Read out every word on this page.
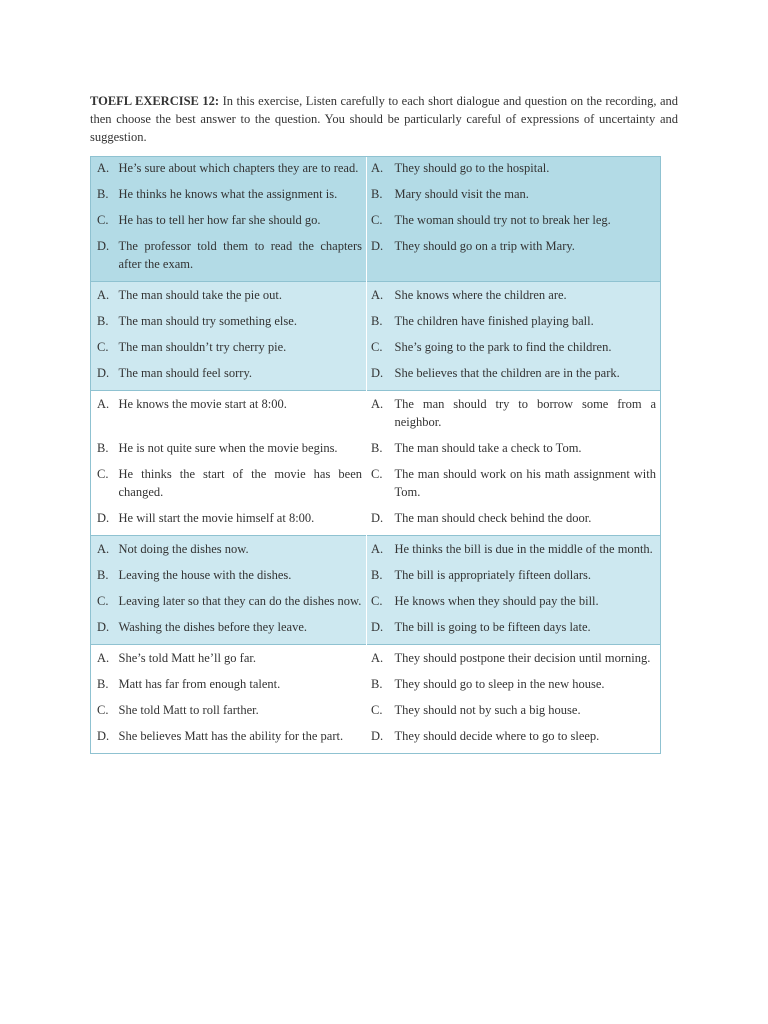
TOEFL EXERCISE 12: In this exercise, Listen carefully to each short dialogue and question on the recording, and then choose the best answer to the question. You should be particularly careful of expressions of uncertainty and suggestion.

A.	He’s sure about which chapters they are to read.	A.	They should go to the hospital.
B.	He thinks he knows what the assignment is.	B.	Mary should visit the man.
C.	He has to tell her how far she should go.	C.	The woman should try not to break her leg.
D.	The professor told them to read the chapters after the exam.	D.	They should go on a trip with Mary.
A.	The man should take the pie out.	A.	She knows where the children are.
B.	The man should try something else.	B.	The children have finished playing ball.
C.	The man shouldn’t try cherry pie.	C.	She’s going to the park to find the children.
D.	The man should feel sorry.	D.	She believes that the children are in the park.
A.	He knows the movie start at 8:00.	A.	The man should try to borrow some from a neighbor.
B.	He is not quite sure when the movie begins.	B.	The man should take a check to Tom.
C.	He thinks the start of the movie has been changed.	C.	The man should work on his math assignment with Tom.
D.	He will start the movie himself at 8:00.	D.	The man should check behind the door.
A.	Not doing the dishes now.	A.	He thinks the bill is due in the middle of the month.
B.	Leaving the house with the dishes.	B.	The bill is appropriately fifteen dollars.
C.	Leaving later so that they can do the dishes now.	C.	He knows when they should pay the bill.
D.	Washing the dishes before they leave.	D.	The bill is going to be fifteen days late.
A.	She’s told Matt he’ll go far.	A.	They should postpone their decision until morning.
B.	Matt has far from enough talent.	B.	They should go to sleep in the new house.
C.	She told Matt to roll farther.	C.	They should not by such a big house.
D.	She believes Matt has the ability for the part.	D.	They should decide where to go to sleep.
